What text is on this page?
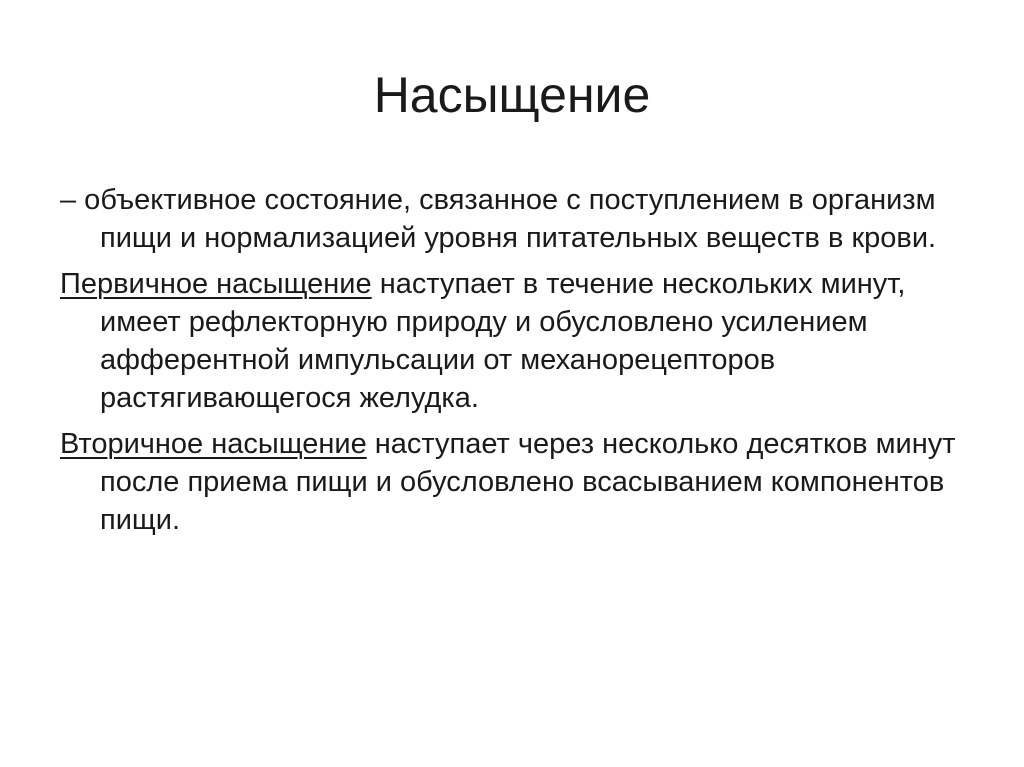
Насыщение

– объективное состояние, связанное с поступлением в организм пищи и нормализацией уровня питательных веществ в крови.

Первичное насыщение наступает в течение нескольких минут, имеет рефлекторную природу и обусловлено усилением афферентной импульсации от механорецепторов растягивающегося желудка.

Вторичное насыщение наступает через несколько десятков минут после приема пищи и обусловлено всасыванием компонентов пищи.
